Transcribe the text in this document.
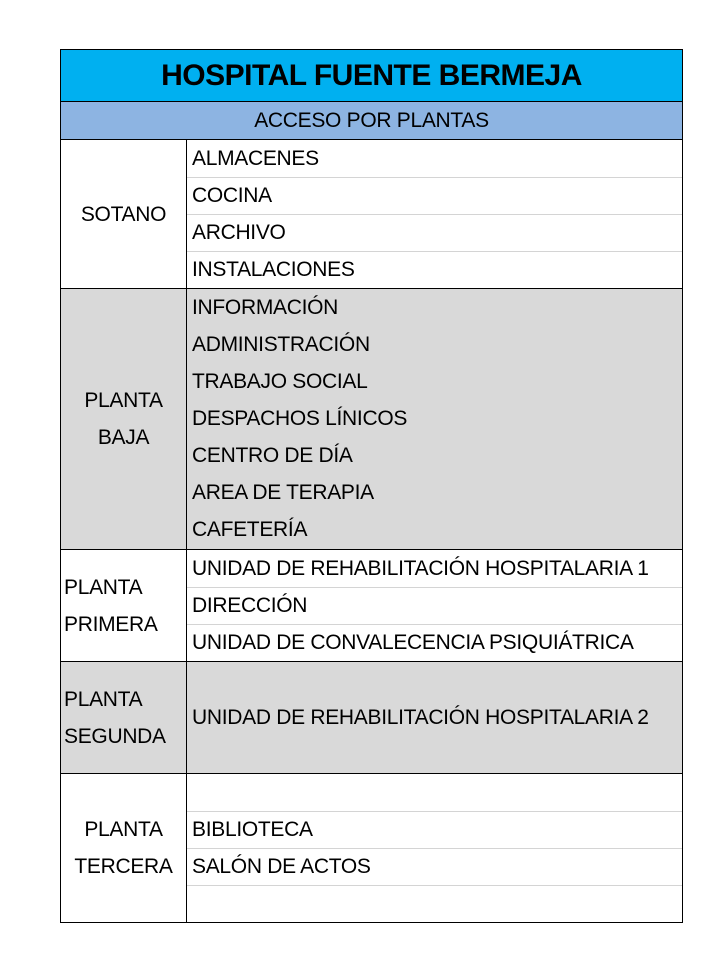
HOSPITAL FUENTE BERMEJA
ACCESO POR PLANTAS
SOTANO
ALMACENES
COCINA
ARCHIVO
INSTALACIONES
PLANTA
BAJA
INFORMACIÓN
ADMINISTRACIÓN
TRABAJO SOCIAL
DESPACHOS LÍNICOS
CENTRO DE DÍA
AREA DE TERAPIA
CAFETERÍA
PLANTA
PRIMERA
UNIDAD DE REHABILITACIÓN HOSPITALARIA 1
DIRECCIÓN
UNIDAD DE CONVALECENCIA PSIQUIÁTRICA
PLANTA
SEGUNDA
UNIDAD DE REHABILITACIÓN HOSPITALARIA 2
PLANTA
TERCERA
BIBLIOTECA
SALÓN DE ACTOS
